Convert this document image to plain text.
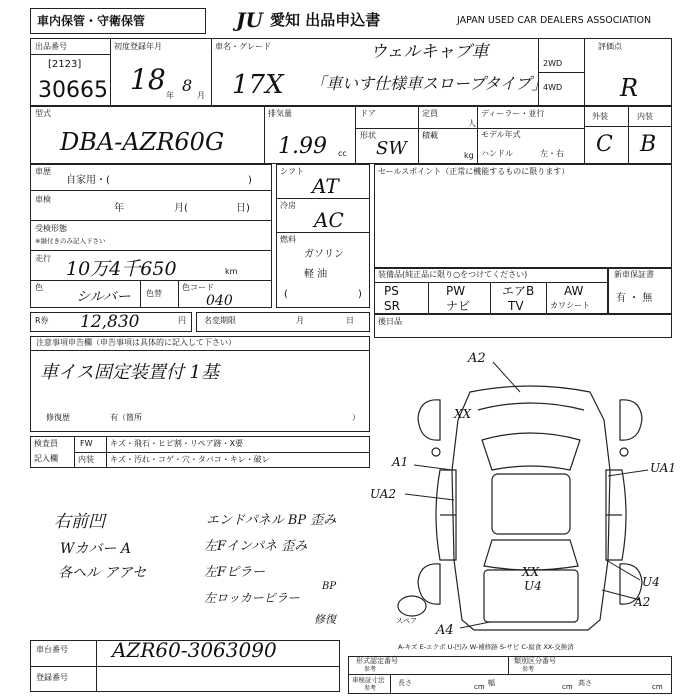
車内保管・守衛保管	JU 愛知 出品申込書	JAPAN USED CAR DEALERS ASSOCIATION
出品番号
[2123]
30665
初度登録年月
18 年
8
月
車名・グレード	ウェルキャブ車
17X 「車いす仕様車スロープタイプ」
2WD
4WD
評価点
R
型式
DBA-AZR60G
排気量
1.99 cc
ドア
形状
SW
定員
人
積載
kg
ディーラー・並行
モデル年式
ハンドル	左・右
外装	内装
C B
車歴
自家用・(	)
車検
年	月(	日)
受検形態
※継付きのみ記入下さい
走行 10万4千650	km
色
シルバー 色替
色コード
040
シフト
AT
冷房
AC
燃料
ガソリン
軽 油
(	)
セールスポイント（正常に機能するものに限ります）
装備品(純正品に限り○をつけてください)
PS	PW	エアB AW
SR	ナビ	TV	カワシート
新車保証書
有 ・ 無
R券 12,830	円 名変期限	月	日	後日品
注意事項申告欄（申告事項は具体的に記入して下さい）
車イス固定装置付 1基
修復歴	有（箇所	）
検査員
記入欄
FW キズ・飛石・ヒビ割・リペア跡・X要
内装 キズ・汚れ・コゲ・穴・タバコ・キレ・破レ
右前凹
Wカバー A
各ヘル アアセ
エンドパネル BP 歪み
左Fインパネ 歪み
左Fピラー
左ロッカーピラー
BP
修復
車台番号 AZR60-3063090
登録番号
A-キズ E-エクボ U-凹み W-補修跡 S-サビ C-腐食 XX-交換済
形式認定番号
参考
類別区分番号
参考
車検証寸法
参考
長さ	cm 幅	cm 高さ	cm
A2
XX
A1	UA1
UA2
XX
U4	U4
A2
A4
スペア
